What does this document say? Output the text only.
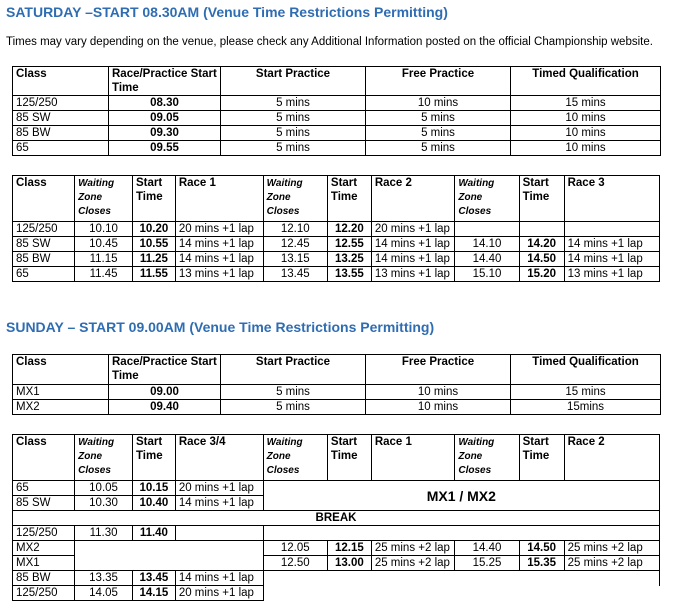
SATURDAY –START 08.30AM (Venue Time Restrictions Permitting)
Times may vary depending on the venue, please check any Additional Information posted on the official Championship website.
Class	Race/Practice Start Time	Start Practice	Free Practice	Timed Qualification
125/250	08.30	5 mins	10 mins	15 mins
85 SW	09.05	5 mins	5 mins	10 mins
85 BW	09.30	5 mins	5 mins	10 mins
65	09.55	5 mins	5 mins	10 mins
Class	Waiting Zone Closes	Start Time	Race 1	Waiting Zone Closes	Start Time	Race 2	Waiting Zone Closes	Start Time	Race 3
125/250	10.10	10.20	20 mins +1 lap	12.10	12.20	20 mins +1 lap			
85 SW	10.45	10.55	14 mins +1 lap	12.45	12.55	14 mins +1 lap	14.10	14.20	14 mins +1 lap
85 BW	11.15	11.25	14 mins +1 lap	13.15	13.25	14 mins +1 lap	14.40	14.50	14 mins +1 lap
65	11.45	11.55	13 mins +1 lap	13.45	13.55	13 mins +1 lap	15.10	15.20	13 mins +1 lap
SUNDAY – START 09.00AM (Venue Time Restrictions Permitting)
Class	Race/Practice Start Time	Start Practice	Free Practice	Timed Qualification
MX1	09.00	5 mins	10 mins	15 mins
MX2	09.40	5 mins	10 mins	15mins
Class	Waiting Zone Closes	Start Time	Race 3/4	Waiting Zone Closes	Start Time	Race 1	Waiting Zone Closes	Start Time	Race 2
65	10.05	10.15	20 mins +1 lap	MX1 / MX2					
85 SW	10.30	10.40	14 mins +1 lap						
BREAK									
125/250	11.30	11.40							
MX2				12.05	12.15	25 mins +2 lap	14.40	14.50	25 mins +2 lap
MX1				12.50	13.00	25 mins +2 lap	15.25	15.35	25 mins +2 lap
85 BW	13.35	13.45	14 mins +1 lap						
125/250	14.05	14.15	20 mins +1 lap						
